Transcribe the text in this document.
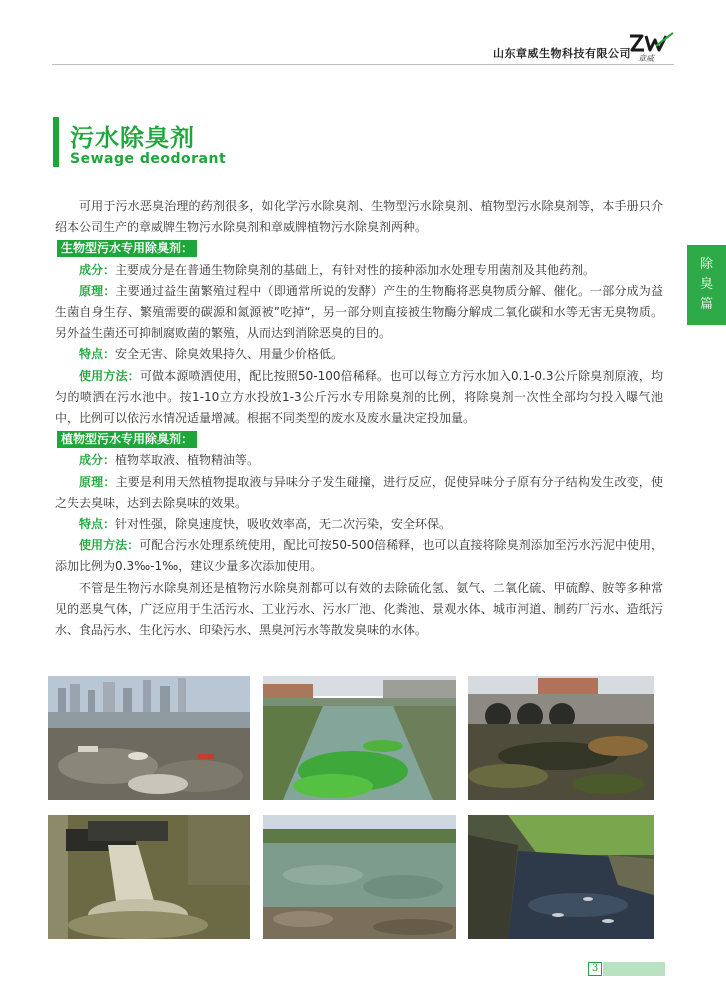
山东章威生物科技有限公司 章威
污水除臭剂
Sewage deodorant
除
臭
篇

可用于污水恶臭治理的药剂很多，如化学污水除臭剂、生物型污水除臭剂、植物型污水除臭剂等，本手册只介绍本公司生产的章威牌生物污水除臭剂和章威牌植物污水除臭剂两种。

生物型污水专用除臭剂：

成分：主要成分是在普通生物除臭剂的基础上，有针对性的接种添加水处理专用菌剂及其他药剂。

原理：主要通过益生菌繁殖过程中（即通常所说的发酵）产生的生物酶将恶臭物质分解、催化。一部分成为益生菌自身生存、繁殖需要的碳源和氮源被”吃掉“，另一部分则直接被生物酶分解成二氧化碳和水等无害无臭物质。另外益生菌还可抑制腐败菌的繁殖，从而达到消除恶臭的目的。

特点：安全无害、除臭效果持久、用量少价格低。

使用方法：可做本源喷洒使用，配比按照50-100倍稀释。也可以每立方污水加入0.1-0.3公斤除臭剂原液，均匀的喷洒在污水池中。按1-10立方水投放1-3公斤污水专用除臭剂的比例，将除臭剂一次性全部均匀投入曝气池中，比例可以依污水情况适量增减。根据不同类型的废水及废水量决定投加量。

植物型污水专用除臭剂：

成分：植物萃取液、植物精油等。

原理：主要是利用天然植物提取液与异味分子发生碰撞，进行反应，促使异味分子原有分子结构发生改变，使之失去臭味，达到去除臭味的效果。

特点：针对性强，除臭速度快，吸收效率高，无二次污染，安全环保。

使用方法：可配合污水处理系统使用，配比可按50-500倍稀释，也可以直接将除臭剂添加至污水污泥中使用，添加比例为0.3‰-1‰，建议少量多次添加使用。

不管是生物污水除臭剂还是植物污水除臭剂都可以有效的去除硫化氢、氨气、二氧化硫、甲硫醇、胺等多种常见的恶臭气体，广泛应用于生活污水、工业污水、污水厂池、化粪池、景观水体、城市河道、制药厂污水、造纸污水、食品污水、生化污水、印染污水、黑臭河污水等散发臭味的水体。

3
